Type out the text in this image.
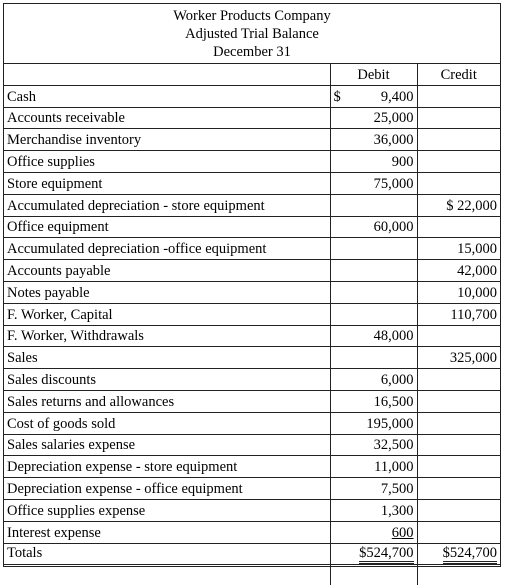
Worker Products Company
Adjusted Trial Balance
December 31
	Debit	Credit
Cash	$ 9,400	
Accounts receivable	25,000	
Merchandise inventory	36,000	
Office supplies	900	
Store equipment	75,000	
Accumulated depreciation - store equipment		$ 22,000
Office equipment	60,000	
Accumulated depreciation -office equipment		15,000
Accounts payable		42,000
Notes payable		10,000
F. Worker, Capital		110,700
F. Worker, Withdrawals	48,000	
Sales		325,000
Sales discounts	6,000	
Sales returns and allowances	16,500	
Cost of goods sold	195,000	
Sales salaries expense	32,500	
Depreciation expense - store equipment	11,000	
Depreciation expense - office equipment	7,500	
Office supplies expense	1,300	
Interest expense	600	
Totals	$524,700	$524,700
